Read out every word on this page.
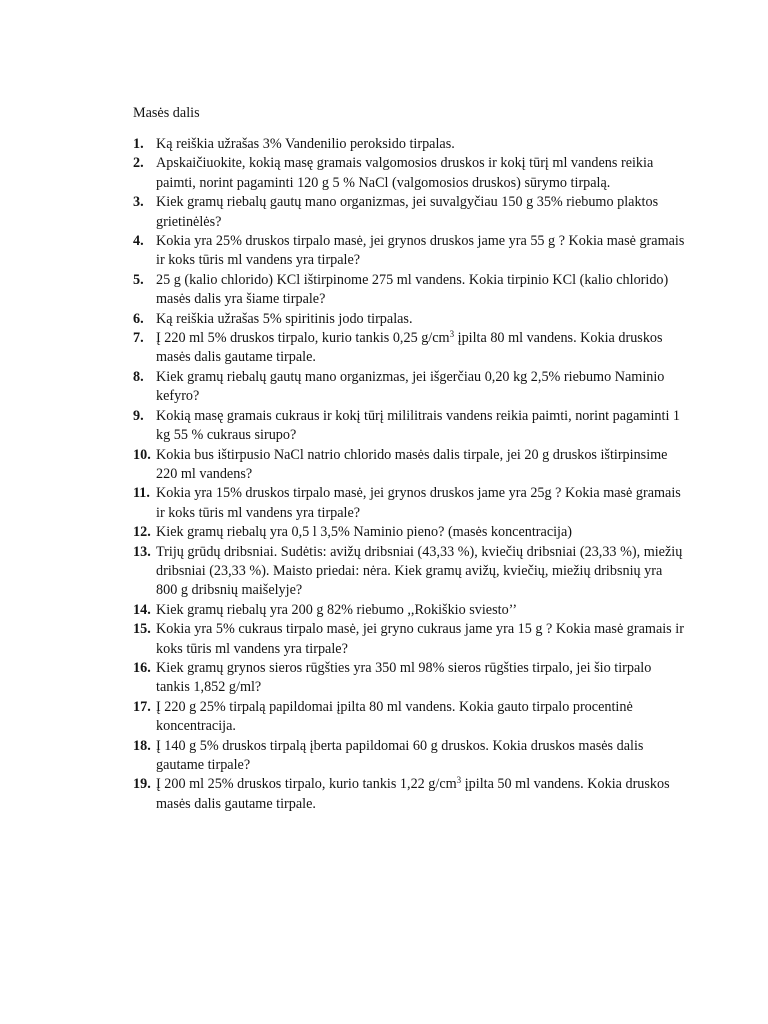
Masės dalis
1. Ką reiškia užrašas 3% Vandenilio peroksido tirpalas.
2. Apskaičiuokite, kokią masę gramais valgomosios druskos ir kokį tūrį ml vandens reikia
paimti, norint pagaminti 120 g 5 % NaCl (valgomosios druskos) sūrymo tirpalą.
3. Kiek gramų riebalų gautų mano organizmas, jei suvalgyčiau 150 g 35% riebumo plaktos
grietinėlės?
4. Kokia yra 25% druskos tirpalo masė, jei grynos druskos jame yra 55 g ? Kokia masė gramais
ir koks tūris ml vandens yra tirpale?
5. 25 g (kalio chlorido) KCl ištirpinome 275 ml vandens. Kokia tirpinio KCl (kalio chlorido)
masės dalis yra šiame tirpale?
6. Ką reiškia užrašas 5% spiritinis jodo tirpalas.
7. Į 220 ml 5% druskos tirpalo, kurio tankis 0,25 $g/cm^3$ įpilta 80 ml vandens. Kokia druskos
masės dalis gautame tirpale.
8. Kiek gramų riebalų gautų mano organizmas, jei išgerčiau 0,20 kg 2,5% riebumo Naminio
kefyro?
9. Kokią masę gramais cukraus ir kokį tūrį mililitrais vandens reikia paimti, norint pagaminti 1
kg 55 % cukraus sirupo?
10. Kokia bus ištirpusio NaCl natrio chlorido masės dalis tirpale, jei 20 g druskos ištirpinsime
220 ml vandens?
11. Kokia yra 15% druskos tirpalo masė, jei grynos druskos jame yra 25g ? Kokia masė gramais
ir koks tūris ml vandens yra tirpale?
12. Kiek gramų riebalų yra 0,5 l 3,5% Naminio pieno? (masės koncentracija)
13. Trijų grūdų dribsniai. Sudėtis: avižų dribsniai (43,33 %), kviečių dribsniai (23,33 %), miežių
dribsniai (23,33 %). Maisto priedai: nėra. Kiek gramų avižų, kviečių, miežių dribsnių yra
800 g dribsnių maišelyje?
14. Kiek gramų riebalų yra 200 g 82% riebumo ,,Rokiškio sviesto’’
15. Kokia yra 5% cukraus tirpalo masė, jei gryno cukraus jame yra 15 g ? Kokia masė gramais ir
koks tūris ml vandens yra tirpale?
16. Kiek gramų grynos sieros rūgšties yra 350 ml 98% sieros rūgšties tirpalo, jei šio tirpalo
tankis 1,852 g/ml?
17. Į 220 g 25% tirpalą papildomai įpilta 80 ml vandens. Kokia gauto tirpalo procentinė
koncentracija.
18. Į 140 g 5% druskos tirpalą įberta papildomai 60 g druskos. Kokia druskos masės dalis
gautame tirpale?
19. Į 200 ml 25% druskos tirpalo, kurio tankis 1,22 $g/cm^3$ įpilta 50 ml vandens. Kokia druskos
masės dalis gautame tirpale.
